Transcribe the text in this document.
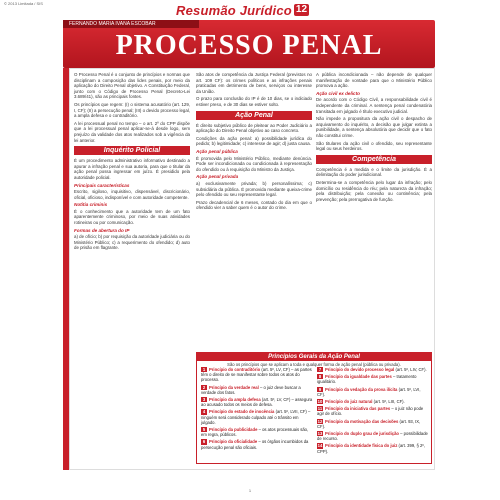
© 2013 Limitada / SIS	Resumão Jurídico 12
FERNANDO MARIA IVANA ESCOBAR
PROCESSO PENAL

O Processo Penal é o conjunto de princípios e normas que disciplinam a composição das lides penais, por meio da aplicação do Direito Penal objetivo. A Constituição Federal, junto com o Código de Processo Penal (Decreto-Lei 3.689/41), são as principais fontes.

Os princípios que regem: (I) o sistema acusatório (art. 129, I, CF); (II) a persecução penal; (III) o devido processo legal, a ampla defesa e o contraditório.

A lei processual penal no tempo – o art. 2º do CPP dispõe que a lei processual penal aplicar-se-á desde logo, sem prejuízo da validade dos atos realizados sob a vigência da lei anterior.

Inquérito Policial

É um procedimento administrativo informativo destinado a apurar a infração penal e sua autoria, para que o titular da ação penal possa ingressar em juízo. É presidido pela autoridade policial.

Principais características

Escrito, sigiloso, inquisitivo, dispensável, discricionário, oficial, oficioso, indisponível e com autoridade competente.

Notitia criminis

É o conhecimento que a autoridade tem de um fato aparentemente criminoso, por meio de suas atividades rotineiras ou por comunicação.

Formas de abertura do IP

a) de ofício; b) por requisição da autoridade judiciária ou do Ministério Público; c) a requerimento do ofendido; d) auto de prisão em flagrante.

São atos de competência da Justiça Federal (previstos no art. 109 CF): os crimes políticos e as infrações penais praticadas em detrimento de bens, serviços ou interesse da União.

O prazo para conclusão do IP é de 10 dias, se o indiciado estiver preso, e de 30 dias se estiver solto.

Ação Penal

É direito subjetivo público de pleitear ao Poder Judiciário a aplicação do Direito Penal objetivo ao caso concreto.

Condições da ação penal: a) possibilidade jurídica do pedido; b) legitimidade; c) interesse de agir; d) justa causa.

Ação penal pública

É promovida pelo Ministério Público, mediante denúncia. Pode ser incondicionada ou condicionada à representação do ofendido ou à requisição do Ministro da Justiça.

Ação penal privada

a) exclusivamente privada; b) personalíssima; c) subsidiária da pública. É promovida mediante queixa-crime pelo ofendido ou seu representante legal.

Prazo decadencial de 6 meses, contado do dia em que o ofendido vier a saber quem é o autor do crime.

A pública incondicionada – não depende de qualquer manifestação de vontade para que o Ministério Público promova a ação.

Ação civil ex delicto

De acordo com o Código Civil, a responsabilidade civil é independente da criminal. A sentença penal condenatória transitada em julgado é título executivo judicial.

Não impede a propositura da ação civil o despacho de arquivamento do inquérito, a decisão que julgar extinta a punibilidade, a sentença absolutória que decidir que o fato não constitui crime.

São titulares da ação civil o ofendido, seu representante legal ou seus herdeiros.

Competência

Competência é a medida e o limite da jurisdição. É a delimitação do poder jurisdicional.

Determina-se a competência pelo lugar da infração; pelo domicílio ou residência do réu; pela natureza da infração; pela distribuição; pela conexão ou continência; pela prevenção; pela prerrogativa de função.

Princípios Gerais da Ação Penal
São os princípios que se aplicam a toda e qualquer forma de ação penal (pública ou privada).
1 Princípio do contraditório (art. 5º, LV, CF) – as partes têm o direito de se manifestar sobre todos os atos do processo.
2 Princípio da verdade real – o juiz deve buscar a verdade dos fatos.
3 Princípio da ampla defesa (art. 5º, LV, CF) – assegura ao acusado todos os meios de defesa.
4 Princípio do estado de inocência (art. 5º, LVII, CF) – ninguém será considerado culpado até o trânsito em julgado.
5 Princípio da publicidade – os atos processuais são, em regra, públicos.
6 Princípio da oficialidade – os órgãos incumbidos da persecução penal são oficiais.
7 Princípio do devido processo legal (art. 5º, LIV, CF).
8 Princípio da igualdade das partes – tratamento igualitário.
9 Princípio da vedação da prova ilícita (art. 5º, LVI, CF).
10 Princípio do juiz natural (art. 5º, LIII, CF).
11 Princípio da iniciativa das partes – o juiz não pode agir de ofício.
12 Princípio da motivação das decisões (art. 93, IX, CF).
13 Princípio do duplo grau de jurisdição – possibilidade de recurso.
14 Princípio da identidade física do juiz (art. 399, § 2º, CPP).
1
